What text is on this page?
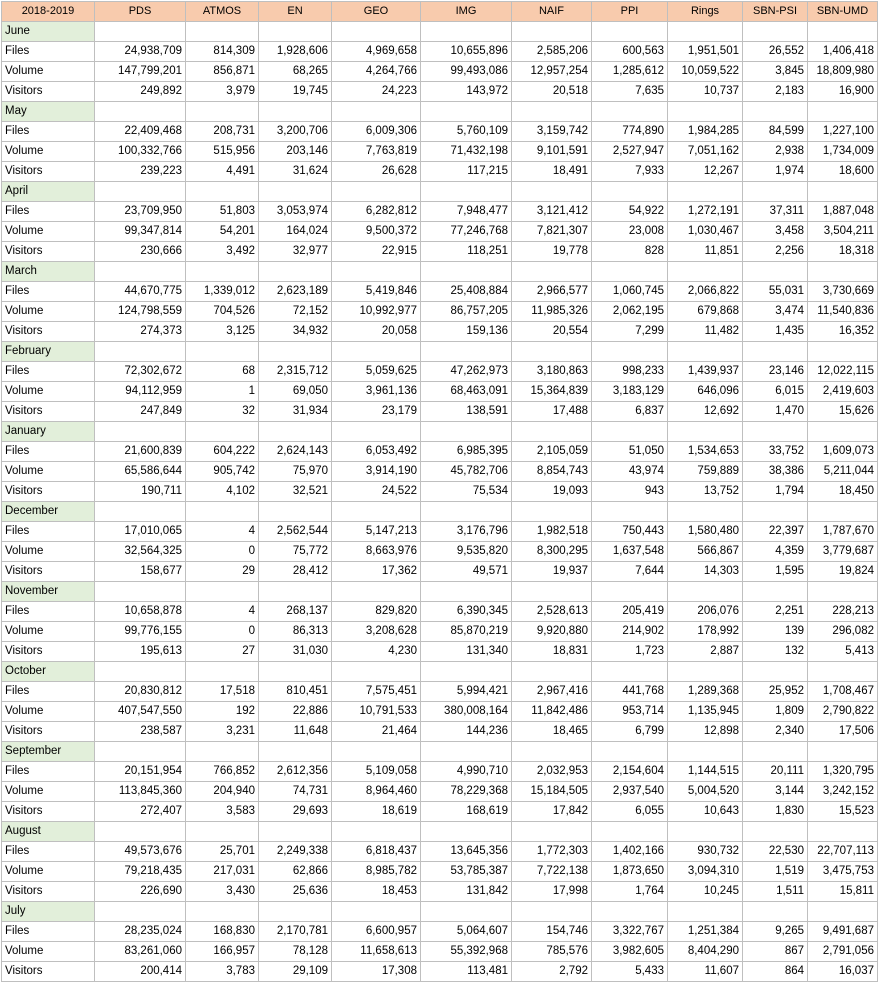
2018-2019	PDS	ATMOS	EN	GEO	IMG	NAIF	PPI	Rings	SBN-PSI	SBN-UMD
June										
Files	24,938,709	814,309	1,928,606	4,969,658	10,655,896	2,585,206	600,563	1,951,501	26,552	1,406,418
Volume	147,799,201	856,871	68,265	4,264,766	99,493,086	12,957,254	1,285,612	10,059,522	3,845	18,809,980
Visitors	249,892	3,979	19,745	24,223	143,972	20,518	7,635	10,737	2,183	16,900
May										
Files	22,409,468	208,731	3,200,706	6,009,306	5,760,109	3,159,742	774,890	1,984,285	84,599	1,227,100
Volume	100,332,766	515,956	203,146	7,763,819	71,432,198	9,101,591	2,527,947	7,051,162	2,938	1,734,009
Visitors	239,223	4,491	31,624	26,628	117,215	18,491	7,933	12,267	1,974	18,600
April										
Files	23,709,950	51,803	3,053,974	6,282,812	7,948,477	3,121,412	54,922	1,272,191	37,311	1,887,048
Volume	99,347,814	54,201	164,024	9,500,372	77,246,768	7,821,307	23,008	1,030,467	3,458	3,504,211
Visitors	230,666	3,492	32,977	22,915	118,251	19,778	828	11,851	2,256	18,318
March										
Files	44,670,775	1,339,012	2,623,189	5,419,846	25,408,884	2,966,577	1,060,745	2,066,822	55,031	3,730,669
Volume	124,798,559	704,526	72,152	10,992,977	86,757,205	11,985,326	2,062,195	679,868	3,474	11,540,836
Visitors	274,373	3,125	34,932	20,058	159,136	20,554	7,299	11,482	1,435	16,352
February										
Files	72,302,672	68	2,315,712	5,059,625	47,262,973	3,180,863	998,233	1,439,937	23,146	12,022,115
Volume	94,112,959	1	69,050	3,961,136	68,463,091	15,364,839	3,183,129	646,096	6,015	2,419,603
Visitors	247,849	32	31,934	23,179	138,591	17,488	6,837	12,692	1,470	15,626
January										
Files	21,600,839	604,222	2,624,143	6,053,492	6,985,395	2,105,059	51,050	1,534,653	33,752	1,609,073
Volume	65,586,644	905,742	75,970	3,914,190	45,782,706	8,854,743	43,974	759,889	38,386	5,211,044
Visitors	190,711	4,102	32,521	24,522	75,534	19,093	943	13,752	1,794	18,450
December										
Files	17,010,065	4	2,562,544	5,147,213	3,176,796	1,982,518	750,443	1,580,480	22,397	1,787,670
Volume	32,564,325	0	75,772	8,663,976	9,535,820	8,300,295	1,637,548	566,867	4,359	3,779,687
Visitors	158,677	29	28,412	17,362	49,571	19,937	7,644	14,303	1,595	19,824
November										
Files	10,658,878	4	268,137	829,820	6,390,345	2,528,613	205,419	206,076	2,251	228,213
Volume	99,776,155	0	86,313	3,208,628	85,870,219	9,920,880	214,902	178,992	139	296,082
Visitors	195,613	27	31,030	4,230	131,340	18,831	1,723	2,887	132	5,413
October										
Files	20,830,812	17,518	810,451	7,575,451	5,994,421	2,967,416	441,768	1,289,368	25,952	1,708,467
Volume	407,547,550	192	22,886	10,791,533	380,008,164	11,842,486	953,714	1,135,945	1,809	2,790,822
Visitors	238,587	3,231	11,648	21,464	144,236	18,465	6,799	12,898	2,340	17,506
September										
Files	20,151,954	766,852	2,612,356	5,109,058	4,990,710	2,032,953	2,154,604	1,144,515	20,111	1,320,795
Volume	113,845,360	204,940	74,731	8,964,460	78,229,368	15,184,505	2,937,540	5,004,520	3,144	3,242,152
Visitors	272,407	3,583	29,693	18,619	168,619	17,842	6,055	10,643	1,830	15,523
August										
Files	49,573,676	25,701	2,249,338	6,818,437	13,645,356	1,772,303	1,402,166	930,732	22,530	22,707,113
Volume	79,218,435	217,031	62,866	8,985,782	53,785,387	7,722,138	1,873,650	3,094,310	1,519	3,475,753
Visitors	226,690	3,430	25,636	18,453	131,842	17,998	1,764	10,245	1,511	15,811
July										
Files	28,235,024	168,830	2,170,781	6,600,957	5,064,607	154,746	3,322,767	1,251,384	9,265	9,491,687
Volume	83,261,060	166,957	78,128	11,658,613	55,392,968	785,576	3,982,605	8,404,290	867	2,791,056
Visitors	200,414	3,783	29,109	17,308	113,481	2,792	5,433	11,607	864	16,037
